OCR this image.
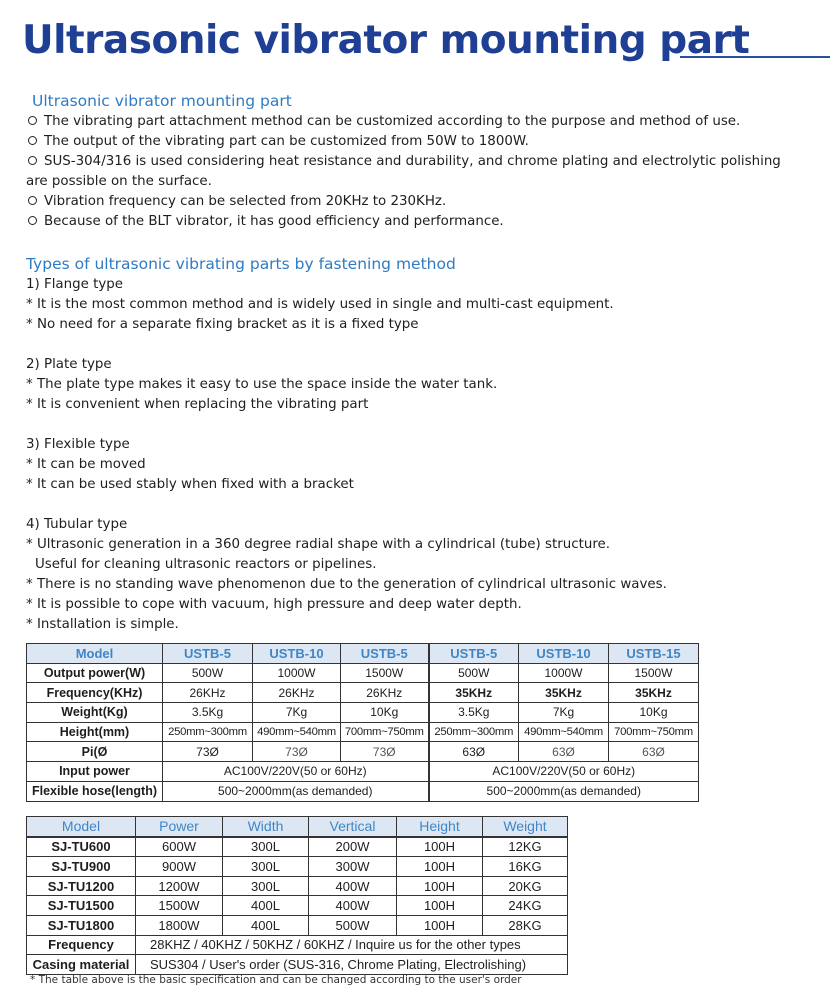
Ultrasonic vibrator mounting part
Ultrasonic vibrator mounting part
The vibrating part attachment method can be customized according to the purpose and method of use.
The output of the vibrating part can be customized from 50W to 1800W.
SUS-304/316 is used considering heat resistance and durability, and chrome plating and electrolytic polishing
are possible on the surface.
Vibration frequency can be selected from 20KHz to 230KHz.
Because of the BLT vibrator, it has good efficiency and performance.
Types of ultrasonic vibrating parts by fastening method
1) Flange type
* It is the most common method and is widely used in single and multi-cast equipment.
* No need for a separate fixing bracket as it is a fixed type
2) Plate type
* The plate type makes it easy to use the space inside the water tank.
* It is convenient when replacing the vibrating part
3) Flexible type
* It can be moved
* It can be used stably when fixed with a bracket
4) Tubular type
* Ultrasonic generation in a 360 degree radial shape with a cylindrical (tube) structure.
Useful for cleaning ultrasonic reactors or pipelines.
* There is no standing wave phenomenon due to the generation of cylindrical ultrasonic waves.
* It is possible to cope with vacuum, high pressure and deep water depth.
* Installation is simple.
Model	USTB-5	USTB-10	USTB-5	USTB-5	USTB-10	USTB-15
Output power(W)	500W	1000W	1500W	500W	1000W	1500W
Frequency(KHz)	26KHz	26KHz	26KHz	35KHz	35KHz	35KHz
Weight(Kg)	3.5Kg	7Kg	10Kg	3.5Kg	7Kg	10Kg
Height(mm)	250mm~300mm	490mm~540mm	700mm~750mm	250mm~300mm	490mm~540mm	700mm~750mm
Pi(Ø	73Ø	73Ø	73Ø	63Ø	63Ø	63Ø
Input power	AC100V/220V(50 or 60Hz)			AC100V/220V(50 or 60Hz)		
Flexible hose(length)	500~2000mm(as demanded)			500~2000mm(as demanded)		
Model	Power	Width	Vertical	Height	Weight
SJ-TU600	600W	300L	200W	100H	12KG
SJ-TU900	900W	300L	300W	100H	16KG
SJ-TU1200	1200W	300L	400W	100H	20KG
SJ-TU1500	1500W	400L	400W	100H	24KG
SJ-TU1800	1800W	400L	500W	100H	28KG
Frequency	28KHZ / 40KHZ / 50KHZ / 60KHZ / Inquire us for the other types				
Casing material	SUS304 / User's order (SUS-316, Chrome Plating, Electrolishing)				
* The table above is the basic specification and can be changed according to the user's order
